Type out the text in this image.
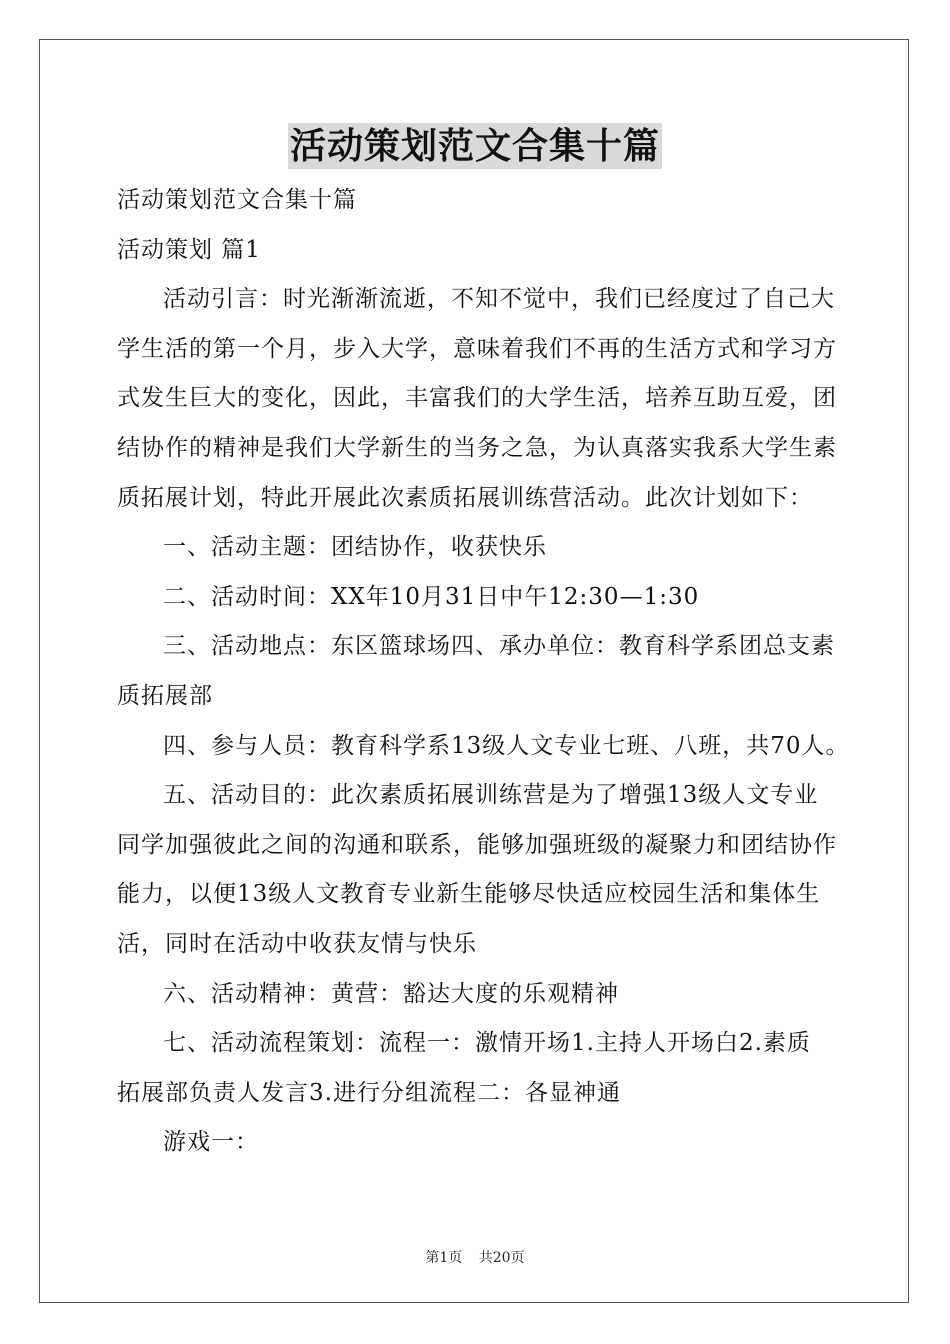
活动策划范文合集十篇

活动策划范文合集十篇

活动策划 篇1

活动引言：时光渐渐流逝，不知不觉中，我们已经度过了自己大
学生活的第一个月，步入大学，意味着我们不再的生活方式和学习方
式发生巨大的变化，因此，丰富我们的大学生活，培养互助互爱，团
结协作的精神是我们大学新生的当务之急，为认真落实我系大学生素
质拓展计划，特此开展此次素质拓展训练营活动。此次计划如下：

一、活动主题：团结协作，收获快乐

二、活动时间：XX年10月31日中午12:30—1:30

三、活动地点：东区篮球场四、承办单位：教育科学系团总支素
质拓展部

四、参与人员：教育科学系13级人文专业七班、八班，共70人。

五、活动目的：此次素质拓展训练营是为了增强13级人文专业
同学加强彼此之间的沟通和联系，能够加强班级的凝聚力和团结协作
能力，以便13级人文教育专业新生能够尽快适应校园生活和集体生
活，同时在活动中收获友情与快乐

六、活动精神：黄营：豁达大度的乐观精神

七、活动流程策划：流程一：激情开场1.主持人开场白2.素质
拓展部负责人发言3.进行分组流程二：各显神通

游戏一：

第1页 共20页
